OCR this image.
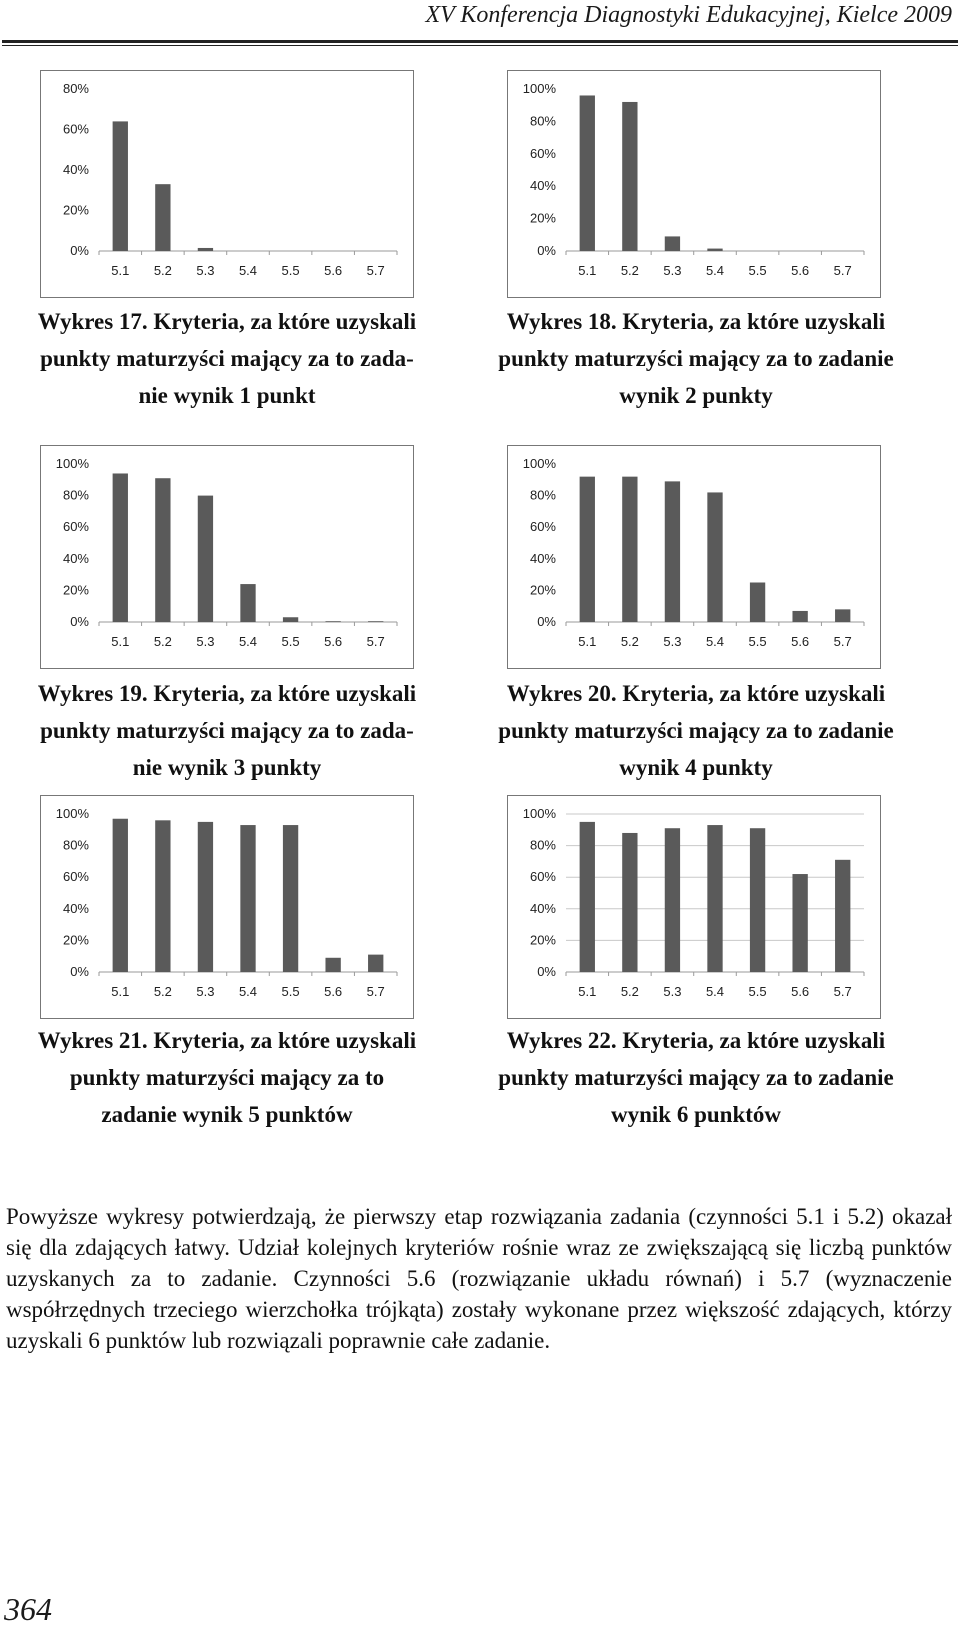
XV Konferencja Diagnostyki Edukacyjnej, Kielce 2009
0%
20%
40%
60%
80%
5.1 5.2 5.3 5.4 5.5 5.6 5.7
0%
20%
40%
60%
80%
100%
5.1 5.2 5.3 5.4 5.5 5.6 5.7
0%
20%
40%
60%
80%
100%
5.1 5.2 5.3 5.4 5.5 5.6 5.7
0%
20%
40%
60%
80%
100%
5.1 5.2 5.3 5.4 5.5 5.6 5.7
0%
20%
40%
60%
80%
100%
5.1 5.2 5.3 5.4 5.5 5.6 5.7
0%
20%
40%
60%
80%
100%
5.1 5.2 5.3 5.4 5.5 5.6 5.7
Wykres 17. Kryteria, za które uzyskali
punkty maturzyści mający za to zada-
nie wynik 1 punkt
Wykres 18. Kryteria, za które uzyskali
punkty maturzyści mający za to zadanie
wynik 2 punkty
Wykres 19. Kryteria, za które uzyskali
punkty maturzyści mający za to zada-
nie wynik 3 punkty
Wykres 20. Kryteria, za które uzyskali
punkty maturzyści mający za to zadanie
wynik 4 punkty
Wykres 21. Kryteria, za które uzyskali
punkty maturzyści mający za to
zadanie wynik 5 punktów
Wykres 22. Kryteria, za które uzyskali
punkty maturzyści mający za to zadanie
wynik 6 punktów
Powyższe wykresy potwierdzają, że pierwszy etap rozwiązania zadania (czynności 5.1 i 5.2) okazał się dla zdających łatwy. Udział kolejnych kryteriów rośnie wraz ze zwiększającą się liczbą punktów uzyskanych za to zadanie. Czynności 5.6 (rozwiązanie układu równań) i 5.7 (wyznaczenie współrzędnych trzeciego wierzchołka trójkąta) zostały wykonane przez większość zdających, którzy uzyskali 6 punktów lub rozwiązali poprawnie całe zadanie.
364
